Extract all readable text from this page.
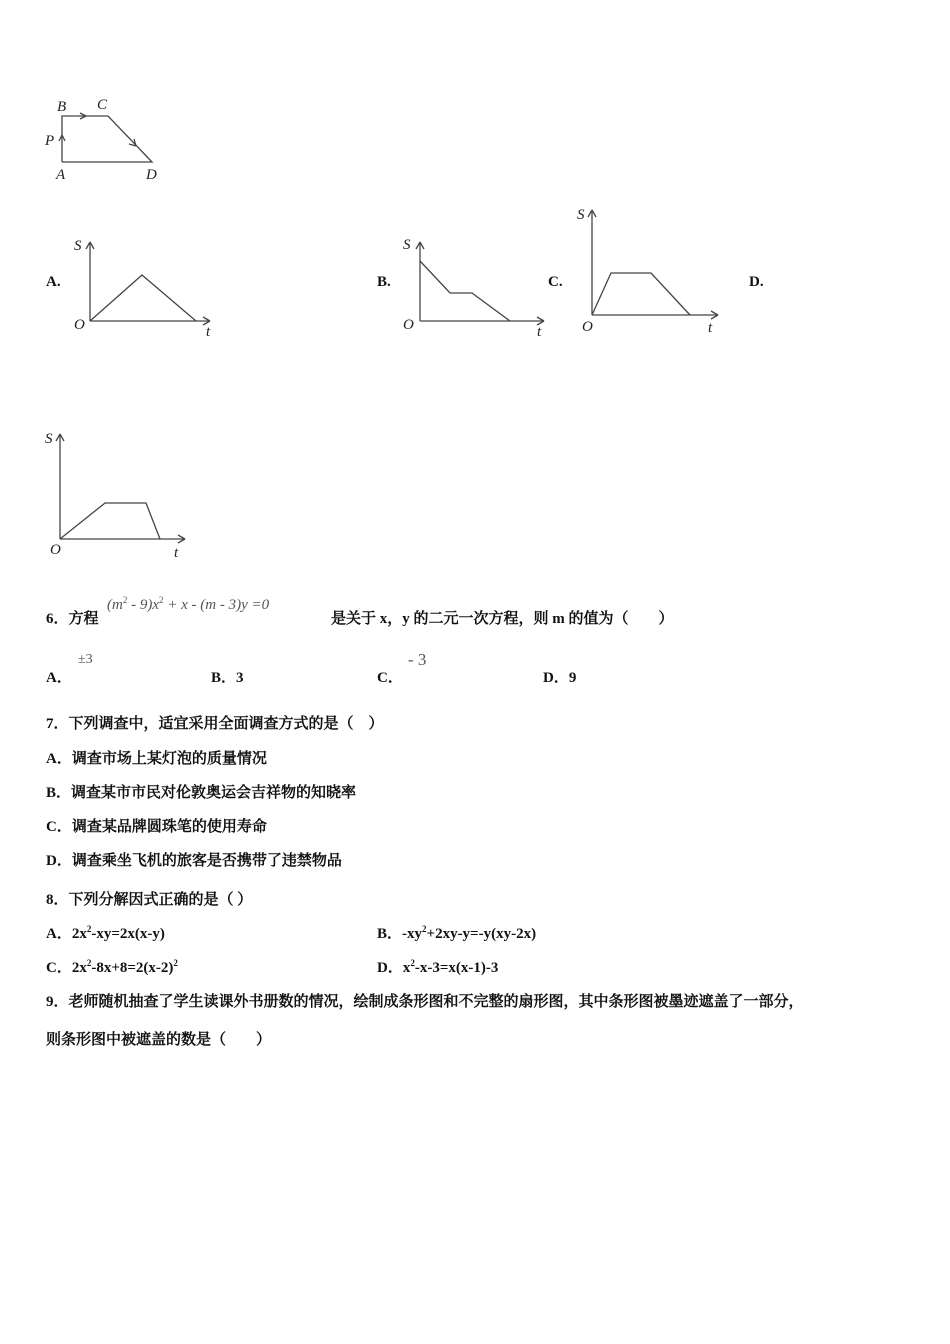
B C
P
A	D
A.	B.	C.	D.
S
O	t
S
O	t
S
O	t
S
O	t
6．方程
$(m^2 - 9)x^2 + x - (m - 3)y =0$
是关于 x，y 的二元一次方程，则 m 的值为（　　）
A．
±3
B．3	C．
- 3
D．9
7．下列调查中，适宜采用全面调查方式的是（　）
A．调查市场上某灯泡的质量情况
B．调查某市市民对伦敦奥运会吉祥物的知晓率
C．调查某品牌圆珠笔的使用寿命
D．调查乘坐飞机的旅客是否携带了违禁物品
8．下列分解因式正确的是（ ）
A．$2x^2-xy=2x(x-y)$	B．$-xy^2+2xy-y=-y(xy-2x)$
C．$2x^2-8x+8=2(x-2)^2$	D．$x^2-x-3=x(x-1)-3$
9．老师随机抽查了学生读课外书册数的情况，绘制成条形图和不完整的扇形图，其中条形图被墨迹遮盖了一部分，
则条形图中被遮盖的数是（　　）
